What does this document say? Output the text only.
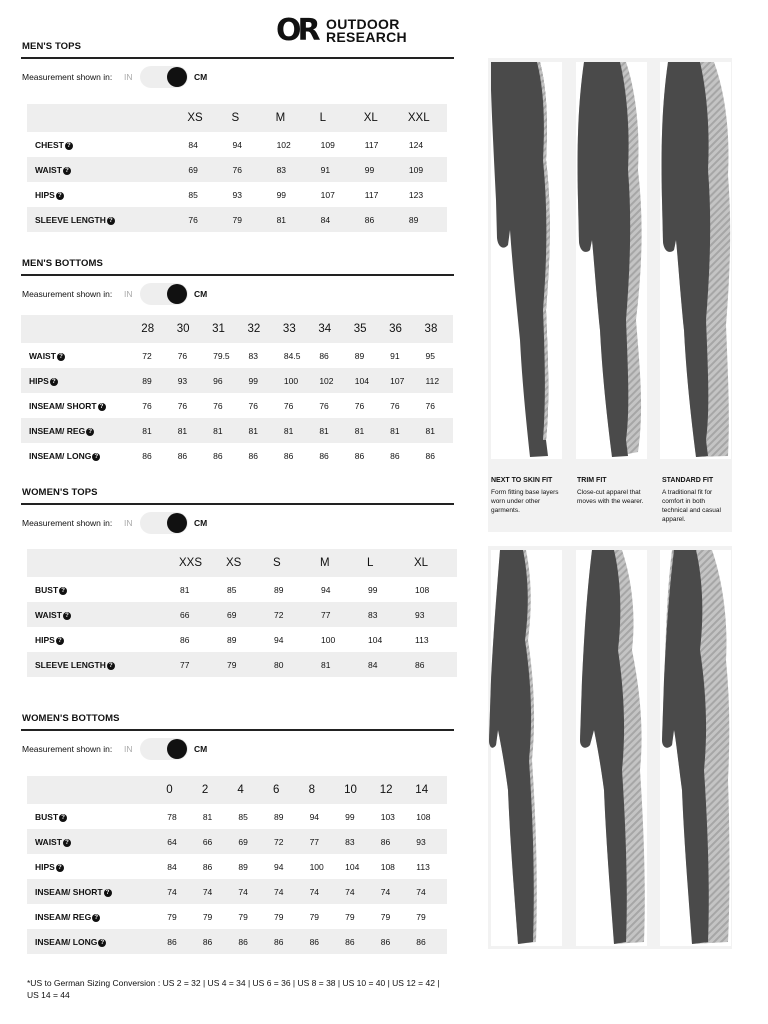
OR OUTDOOR
RESEARCH
MEN'S TOPS
Measurement shown in: IN	CM
	XS	S	M	L	XL	XXL
CHEST ?	84	94	102	109	117	124
WAIST ?	69	76	83	91	99	109
HIPS ?	85	93	99	107	117	123
SLEEVE LENGTH ?	76	79	81	84	86	89
MEN'S BOTTOMS
Measurement shown in: IN	CM
	28	30	31	32	33	34	35	36	38
WAIST ?	72	76	79.5	83	84.5	86	89	91	95
HIPS ?	89	93	96	99	100	102	104	107	112
INSEAM/ SHORT ?	76	76	76	76	76	76	76	76	76
INSEAM/ REG ?	81	81	81	81	81	81	81	81	81
INSEAM/ LONG ?	86	86	86	86	86	86	86	86	86
WOMEN'S TOPS
Measurement shown in: IN	CM
	XXS	XS	S	M	L	XL
BUST ?	81	85	89	94	99	108
WAIST ?	66	69	72	77	83	93
HIPS ?	86	89	94	100	104	113
SLEEVE LENGTH ?	77	79	80	81	84	86
WOMEN'S BOTTOMS
Measurement shown in: IN	CM
	0	2	4	6	8	10	12	14
BUST ?	78	81	85	89	94	99	103	108
WAIST ?	64	66	69	72	77	83	86	93
HIPS ?	84	86	89	94	100	104	108	113
INSEAM/ SHORT ?	74	74	74	74	74	74	74	74
INSEAM/ REG ?	79	79	79	79	79	79	79	79
INSEAM/ LONG ?	86	86	86	86	86	86	86	86
*US to German Sizing Conversion : US 2 = 32 | US 4 = 34 | US 6 = 36 | US 8 = 38 | US 10 = 40 | US 12 = 42 | US 14 = 44
NEXT TO SKIN FIT
Form fitting base layers worn under other garments.
TRIM FIT
Close-cut apparel that moves with the wearer.
STANDARD FIT
A traditional fit for comfort in both technical and casual apparel.
